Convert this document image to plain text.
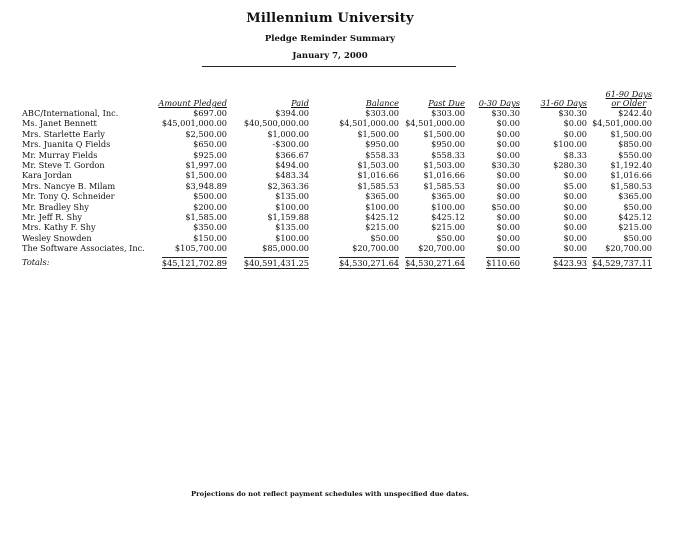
Millennium University
Pledge Reminder Summary
January 7, 2000
	Amount Pledged	Paid	Balance	Past Due	0-30 Days	31-60 Days	61-90 Days
or Older
ABC/International, Inc.	$697.00	$394.00	$303.00	$303.00	$30.30	$30.30	$242.40
Ms. Janet Bennett	$45,001,000.00	$40,500,000.00	$4,501,000.00	$4,501,000.00	$0.00	$0.00	$4,501,000.00
Mrs. Starlette Early	$2,500.00	$1,000.00	$1,500.00	$1,500.00	$0.00	$0.00	$1,500.00
Mrs. Juanita Q Fields	$650.00	-$300.00	$950.00	$950.00	$0.00	$100.00	$850.00
Mr. Murray Fields	$925.00	$366.67	$558.33	$558.33	$0.00	$8.33	$550.00
Mr. Steve T. Gordon	$1,997.00	$494.00	$1,503.00	$1,503.00	$30.30	$280.30	$1,192.40
Kara Jordan	$1,500.00	$483.34	$1,016.66	$1,016.66	$0.00	$0.00	$1,016.66
Mrs. Nancye B. Milam	$3,948.89	$2,363.36	$1,585.53	$1,585.53	$0.00	$5.00	$1,580.53
Mr. Tony Q. Schneider	$500.00	$135.00	$365.00	$365.00	$0.00	$0.00	$365.00
Mr. Bradley Shy	$200.00	$100.00	$100.00	$100.00	$50.00	$0.00	$50.00
Mr. Jeff R. Shy	$1,585.00	$1,159.88	$425.12	$425.12	$0.00	$0.00	$425.12
Mrs. Kathy F. Shy	$350.00	$135.00	$215.00	$215.00	$0.00	$0.00	$215.00
Wesley Snowden	$150.00	$100.00	$50.00	$50.00	$0.00	$0.00	$50.00
The Software Associates, Inc.	$105,700.00	$85,000.00	$20,700.00	$20,700.00	$0.00	$0.00	$20,700.00
Totals:	$45,121,702.89	$40,591,431.25	$4,530,271.64	$4,530,271.64	$110.60	$423.93	$4,529,737.11
Projections do not reflect payment schedules with unspecified due dates.
